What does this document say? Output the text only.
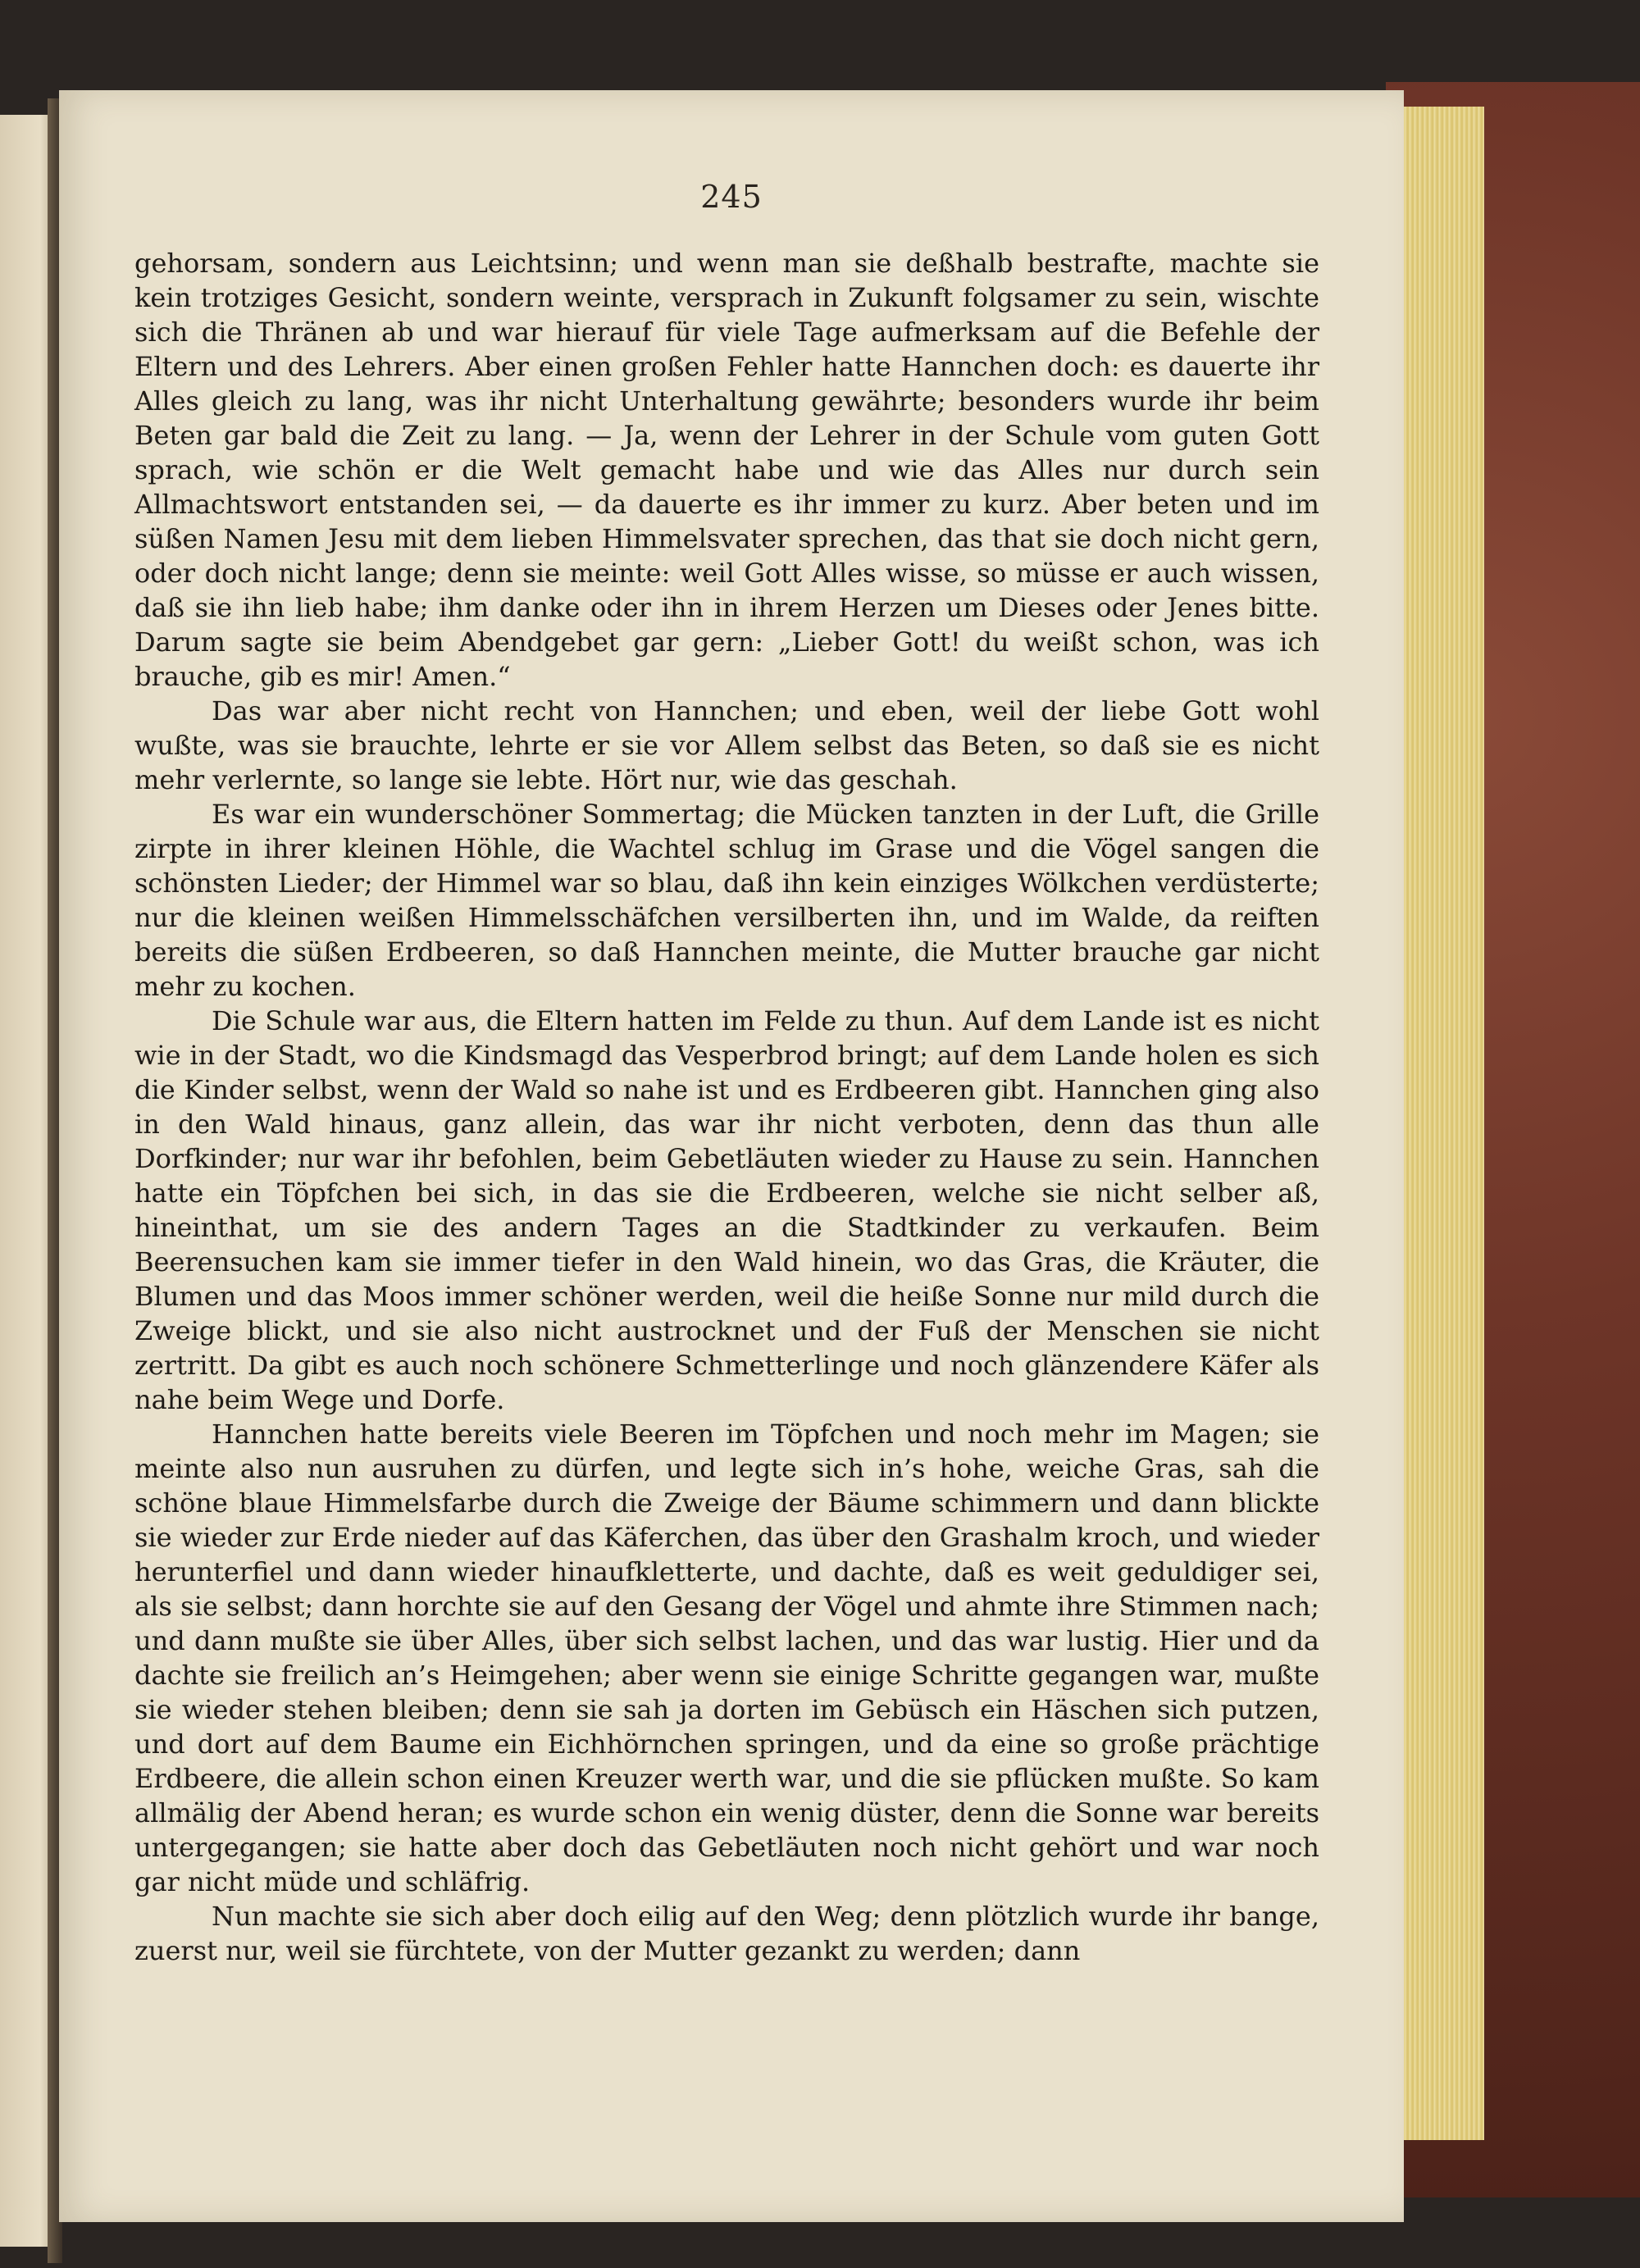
245

gehorsam, sondern aus Leichtsinn; und wenn man sie deßhalb bestrafte, machte sie kein trotziges Gesicht, sondern weinte, versprach in Zukunft folgsamer zu sein, wischte sich die Thränen ab und war hierauf für viele Tage aufmerksam auf die Befehle der Eltern und des Lehrers. Aber einen großen Fehler hatte Hannchen doch: es dauerte ihr Alles gleich zu lang, was ihr nicht Unterhaltung gewährte; besonders wurde ihr beim Beten gar bald die Zeit zu lang. — Ja, wenn der Lehrer in der Schule vom guten Gott sprach, wie schön er die Welt gemacht habe und wie das Alles nur durch sein Allmachtswort entstanden sei, — da dauerte es ihr immer zu kurz. Aber beten und im süßen Namen Jesu mit dem lieben Himmelsvater sprechen, das that sie doch nicht gern, oder doch nicht lange; denn sie meinte: weil Gott Alles wisse, so müsse er auch wissen, daß sie ihn lieb habe; ihm danke oder ihn in ihrem Herzen um Dieses oder Jenes bitte. Darum sagte sie beim Abendgebet gar gern: „Lieber Gott! du weißt schon, was ich brauche, gib es mir! Amen.“

Das war aber nicht recht von Hannchen; und eben, weil der liebe Gott wohl wußte, was sie brauchte, lehrte er sie vor Allem selbst das Beten, so daß sie es nicht mehr verlernte, so lange sie lebte. Hört nur, wie das geschah.

Es war ein wunderschöner Sommertag; die Mücken tanzten in der Luft, die Grille zirpte in ihrer kleinen Höhle, die Wachtel schlug im Grase und die Vögel sangen die schönsten Lieder; der Himmel war so blau, daß ihn kein einziges Wölkchen verdüsterte; nur die kleinen weißen Himmelsschäfchen versilberten ihn, und im Walde, da reiften bereits die süßen Erdbeeren, so daß Hannchen meinte, die Mutter brauche gar nicht mehr zu kochen.

Die Schule war aus, die Eltern hatten im Felde zu thun. Auf dem Lande ist es nicht wie in der Stadt, wo die Kindsmagd das Vesperbrod bringt; auf dem Lande holen es sich die Kinder selbst, wenn der Wald so nahe ist und es Erdbeeren gibt. Hannchen ging also in den Wald hinaus, ganz allein, das war ihr nicht verboten, denn das thun alle Dorfkinder; nur war ihr befohlen, beim Gebetläuten wieder zu Hause zu sein. Hannchen hatte ein Töpfchen bei sich, in das sie die Erdbeeren, welche sie nicht selber aß, hineinthat, um sie des andern Tages an die Stadtkinder zu verkaufen. Beim Beerensuchen kam sie immer tiefer in den Wald hinein, wo das Gras, die Kräuter, die Blumen und das Moos immer schöner werden, weil die heiße Sonne nur mild durch die Zweige blickt, und sie also nicht austrocknet und der Fuß der Menschen sie nicht zertritt. Da gibt es auch noch schönere Schmetterlinge und noch glänzendere Käfer als nahe beim Wege und Dorfe.

Hannchen hatte bereits viele Beeren im Töpfchen und noch mehr im Magen; sie meinte also nun ausruhen zu dürfen, und legte sich in’s hohe, weiche Gras, sah die schöne blaue Himmelsfarbe durch die Zweige der Bäume schimmern und dann blickte sie wieder zur Erde nieder auf das Käferchen, das über den Grashalm kroch, und wieder herunterfiel und dann wieder hinaufkletterte, und dachte, daß es weit geduldiger sei, als sie selbst; dann horchte sie auf den Gesang der Vögel und ahmte ihre Stimmen nach; und dann mußte sie über Alles, über sich selbst lachen, und das war lustig. Hier und da dachte sie freilich an’s Heimgehen; aber wenn sie einige Schritte gegangen war, mußte sie wieder stehen bleiben; denn sie sah ja dorten im Gebüsch ein Häschen sich putzen, und dort auf dem Baume ein Eichhörnchen springen, und da eine so große prächtige Erdbeere, die allein schon einen Kreuzer werth war, und die sie pflücken mußte. So kam allmälig der Abend heran; es wurde schon ein wenig düster, denn die Sonne war bereits untergegangen; sie hatte aber doch das Gebetläuten noch nicht gehört und war noch gar nicht müde und schläfrig.

Nun machte sie sich aber doch eilig auf den Weg; denn plötzlich wurde ihr bange, zuerst nur, weil sie fürchtete, von der Mutter gezankt zu werden; dann
